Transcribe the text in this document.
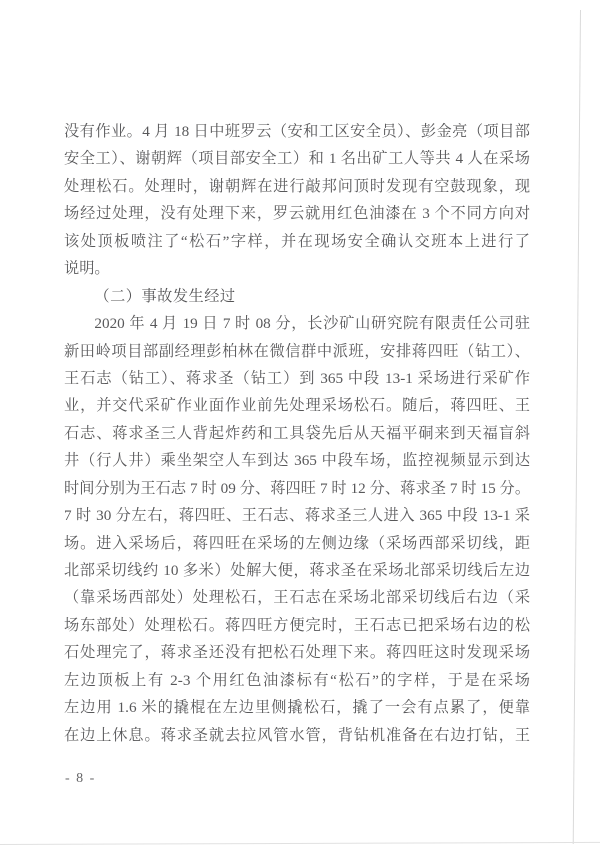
没有作业。4 月 18 日中班罗云（安和工区安全员）、彭金亮（项目部
安全工）、谢朝辉（项目部安全工）和 1 名出矿工人等共 4 人在采场
处理松石。处理时，谢朝辉在进行敲邦问顶时发现有空鼓现象，现
场经过处理，没有处理下来，罗云就用红色油漆在 3 个不同方向对
该处顶板喷注了“松石”字样，并在现场安全确认交班本上进行了
说明。
（二）事故发生经过
2020 年 4 月 19 日 7 时 08 分，长沙矿山研究院有限责任公司驻
新田岭项目部副经理彭柏林在微信群中派班，安排蒋四旺（钻工）、
王石志（钻工）、蒋求圣（钻工）到 365 中段 13-1 采场进行采矿作
业，并交代采矿作业面作业前先处理采场松石。随后，蒋四旺、王
石志、蒋求圣三人背起炸药和工具袋先后从天福平硐来到天福盲斜
井（行人井）乘坐架空人车到达 365 中段车场，监控视频显示到达
时间分别为王石志 7 时 09 分、蒋四旺 7 时 12 分、蒋求圣 7 时 15 分。
7 时 30 分左右，蒋四旺、王石志、蒋求圣三人进入 365 中段 13-1 采
场。进入采场后，蒋四旺在采场的左侧边缘（采场西部采切线，距
北部采切线约 10 多米）处解大便，蒋求圣在采场北部采切线后左边
（靠采场西部处）处理松石，王石志在采场北部采切线后右边（采
场东部处）处理松石。蒋四旺方便完时，王石志已把采场右边的松
石处理完了，蒋求圣还没有把松石处理下来。蒋四旺这时发现采场
左边顶板上有 2-3 个用红色油漆标有“松石”的字样，于是在采场
左边用 1.6 米的撬棍在左边里侧撬松石，撬了一会有点累了，便靠
在边上休息。蒋求圣就去拉风管水管，背钻机准备在右边打钻，王
- 8 -
